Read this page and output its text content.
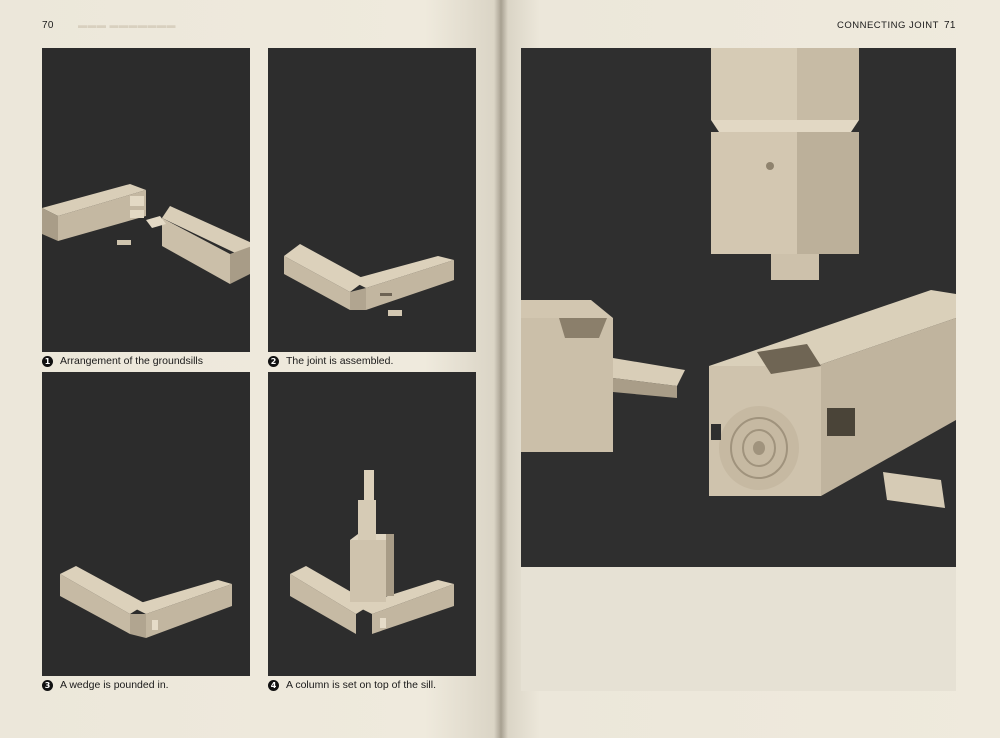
70	▬▬▬ ▬▬▬▬▬▬▬
1 Arrangement of the groundsills	2 The joint is assembled.
3 A wedge is pounded in.	4 A column is set on top of the sill.
CONNECTING JOINT 71
